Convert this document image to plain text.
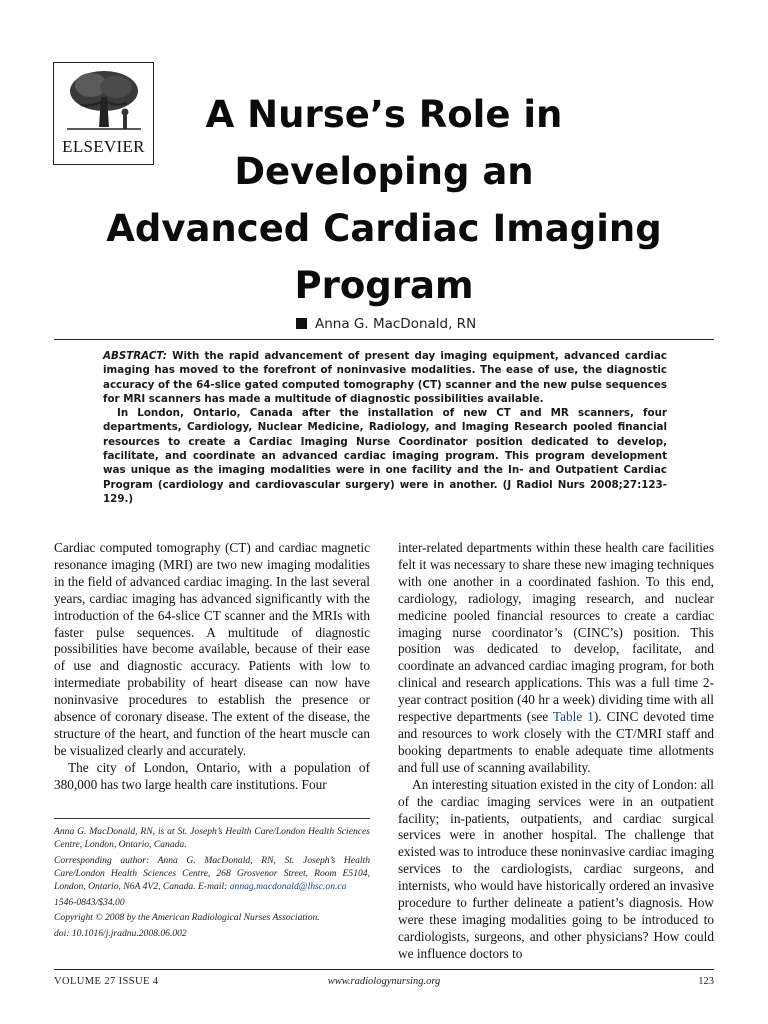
ELSEVIER
A Nurse’s Role in
Developing an
Advanced Cardiac Imaging
Program
Anna G. MacDonald, RN

ABSTRACT: With the rapid advancement of present day imaging equipment, advanced cardiac imaging has moved to the forefront of noninvasive modalities. The ease of use, the diagnostic accuracy of the 64-slice gated computed tomography (CT) scanner and the new pulse sequences for MRI scanners has made a multitude of diagnostic possibilities available.

In London, Ontario, Canada after the installation of new CT and MR scanners, four departments, Cardiology, Nuclear Medicine, Radiology, and Imaging Research pooled financial resources to create a Cardiac Imaging Nurse Coordinator position dedicated to develop, facilitate, and coordinate an advanced cardiac imaging program. This program development was unique as the imaging modalities were in one facility and the In- and Outpatient Cardiac Program (cardiology and cardiovascular surgery) were in another. (J Radiol Nurs 2008;27:123-129.)

Cardiac computed tomography (CT) and cardiac magnetic resonance imaging (MRI) are two new imaging modalities in the field of advanced cardiac imaging. In the last several years, cardiac imaging has advanced significantly with the introduction of the 64-slice CT scanner and the MRIs with faster pulse sequences. A multitude of diagnostic possibilities have become available, because of their ease of use and diagnostic accuracy. Patients with low to intermediate probability of heart disease can now have noninvasive procedures to establish the presence or absence of coronary disease. The extent of the disease, the structure of the heart, and function of the heart muscle can be visualized clearly and accurately.

The city of London, Ontario, with a population of 380,000 has two large health care institutions. Four

Anna G. MacDonald, RN, is at St. Joseph’s Health Care/London Health Sciences Centre, London, Ontario, Canada.

Corresponding author: Anna G. MacDonald, RN, St. Joseph’s Health Care/London Health Sciences Centre, 268 Grosvenor Street, Room E5104, London, Ontario, N6A 4V2, Canada. E-mail: annag.macdonald@lhsc.on.ca

1546-0843/$34.00

Copyright © 2008 by the American Radiological Nurses Association.

doi: 10.1016/j.jradnu.2008.06.002

inter-related departments within these health care facilities felt it was necessary to share these new imaging techniques with one another in a coordinated fashion. To this end, cardiology, radiology, imaging research, and nuclear medicine pooled financial resources to create a cardiac imaging nurse coordinator’s (CINC’s) position. This position was dedicated to develop, facilitate, and coordinate an advanced cardiac imaging program, for both clinical and research applications. This was a full time 2-year contract position (40 hr a week) dividing time with all respective departments (see Table 1). CINC devoted time and resources to work closely with the CT/MRI staff and booking departments to enable adequate time allotments and full use of scanning availability.

An interesting situation existed in the city of London: all of the cardiac imaging services were in an outpatient facility; in-patients, outpatients, and cardiac surgical services were in another hospital. The challenge that existed was to introduce these noninvasive cardiac imaging services to the cardiologists, cardiac surgeons, and internists, who would have historically ordered an invasive procedure to further delineate a patient’s diagnosis. How were these imaging modalities going to be introduced to cardiologists, surgeons, and other physicians? How could we influence doctors to

VOLUME 27 ISSUE 4	www.radiologynursing.org	123
